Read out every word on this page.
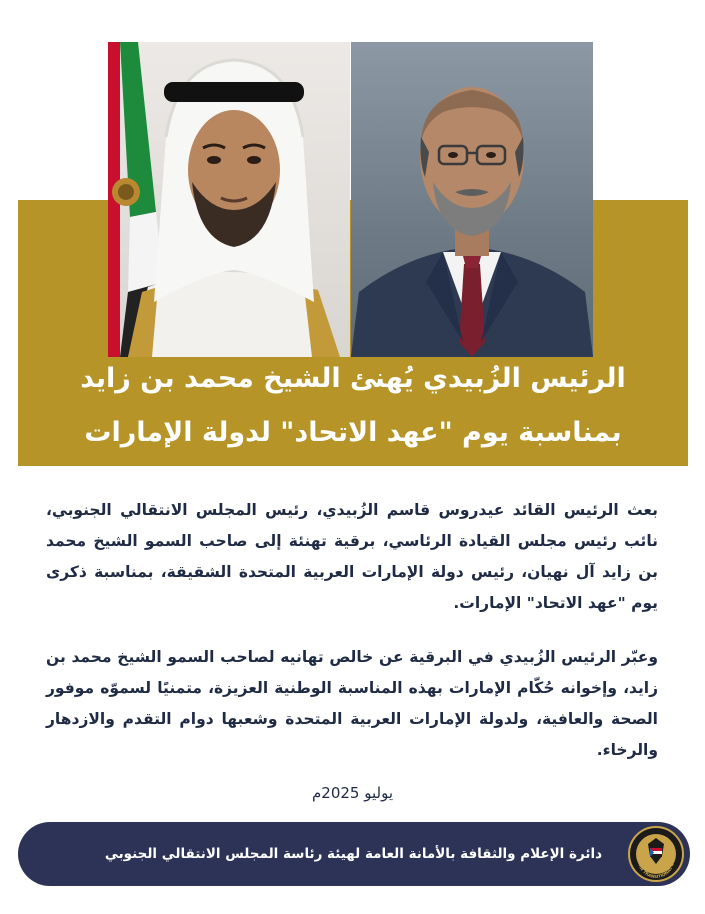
الرئيس الزُبيدي يُهنئ الشيخ محمد بن زايد
بمناسبة يوم "عهد الاتحاد" لدولة الإمارات
بعث الرئيس القائد عيدروس قاسم الزُبيدي، رئيس المجلس الانتقالي الجنوبي، نائب رئيس مجلس القيادة الرئاسي، برقية تهنئة إلى صاحب السمو الشيخ محمد بن زايد آل نهيان، رئيس دولة الإمارات العربية المتحدة الشقيقة، بمناسبة ذكرى يوم "عهد الاتحاد" الإمارات.
وعبّر الرئيس الزُبيدي في البرقية عن خالص تهانيه لصاحب السمو الشيخ محمد بن زايد، وإخوانه حُكّام الإمارات بهذه المناسبة الوطنية العزيزة، متمنيًا لسموّه موفور الصحة والعافية، ولدولة الإمارات العربية المتحدة وشعبها دوام التقدم والازدهار والرخاء.
يوليو 2025م
دائرة الإعلام والثقافة بالأمانة العامة لهيئة رئاسة المجلس الانتقالي الجنوبي	HERN TRANSITIONAL CO
